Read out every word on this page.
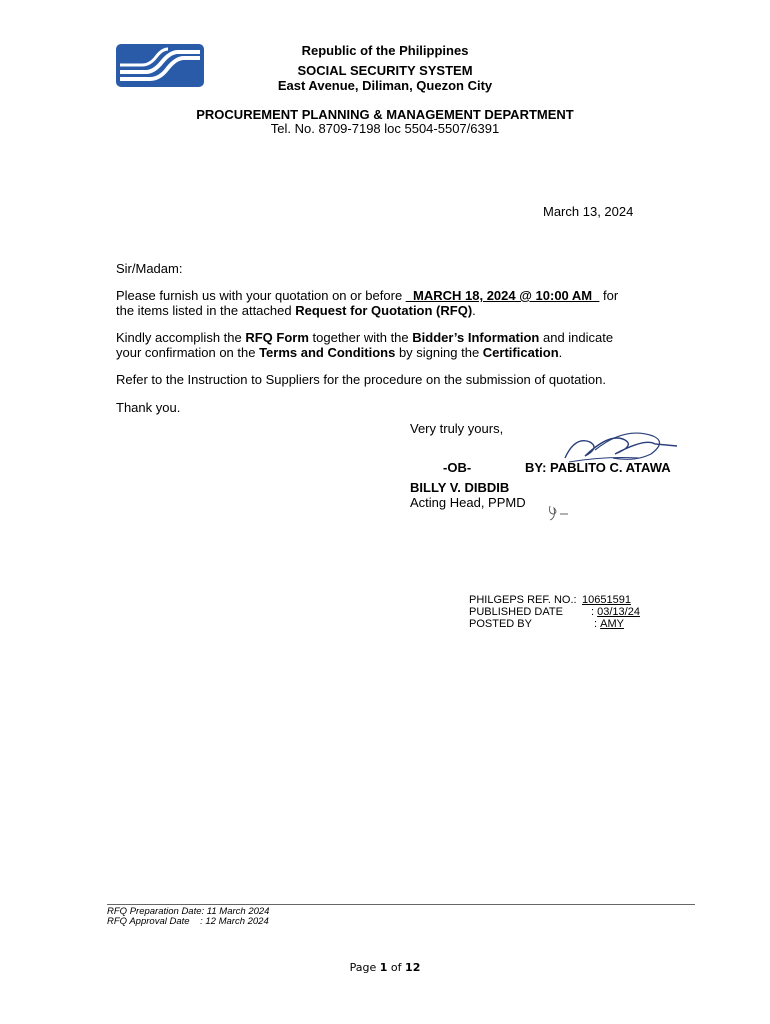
Republic of the Philippines
SOCIAL SECURITY SYSTEM
East Avenue, Diliman, Quezon City
PROCUREMENT PLANNING & MANAGEMENT DEPARTMENT
Tel. No. 8709-7198 loc 5504-5507/6391
March 13, 2024
Sir/Madam:
Please furnish us with your quotation on or before _MARCH 18, 2024 @ 10:00 AM_ for
the items listed in the attached Request for Quotation (RFQ).
Kindly accomplish the RFQ Form together with the Bidder’s Information and indicate
your confirmation on the Terms and Conditions by signing the Certification.
Refer to the Instruction to Suppliers for the procedure on the submission of quotation.
Thank you.
Very truly yours,
-OB-	BY: PABLITO C. ATAWA
BILLY V. DIBDIB
Acting Head, PPMD
PHILGEPS REF. NO.: 10651591
PUBLISHED DATE	: 03/13/24
POSTED BY	: AMY
RFQ Preparation Date: 11 March 2024
RFQ Approval Date    : 12 March 2024
Page 1 of 12
